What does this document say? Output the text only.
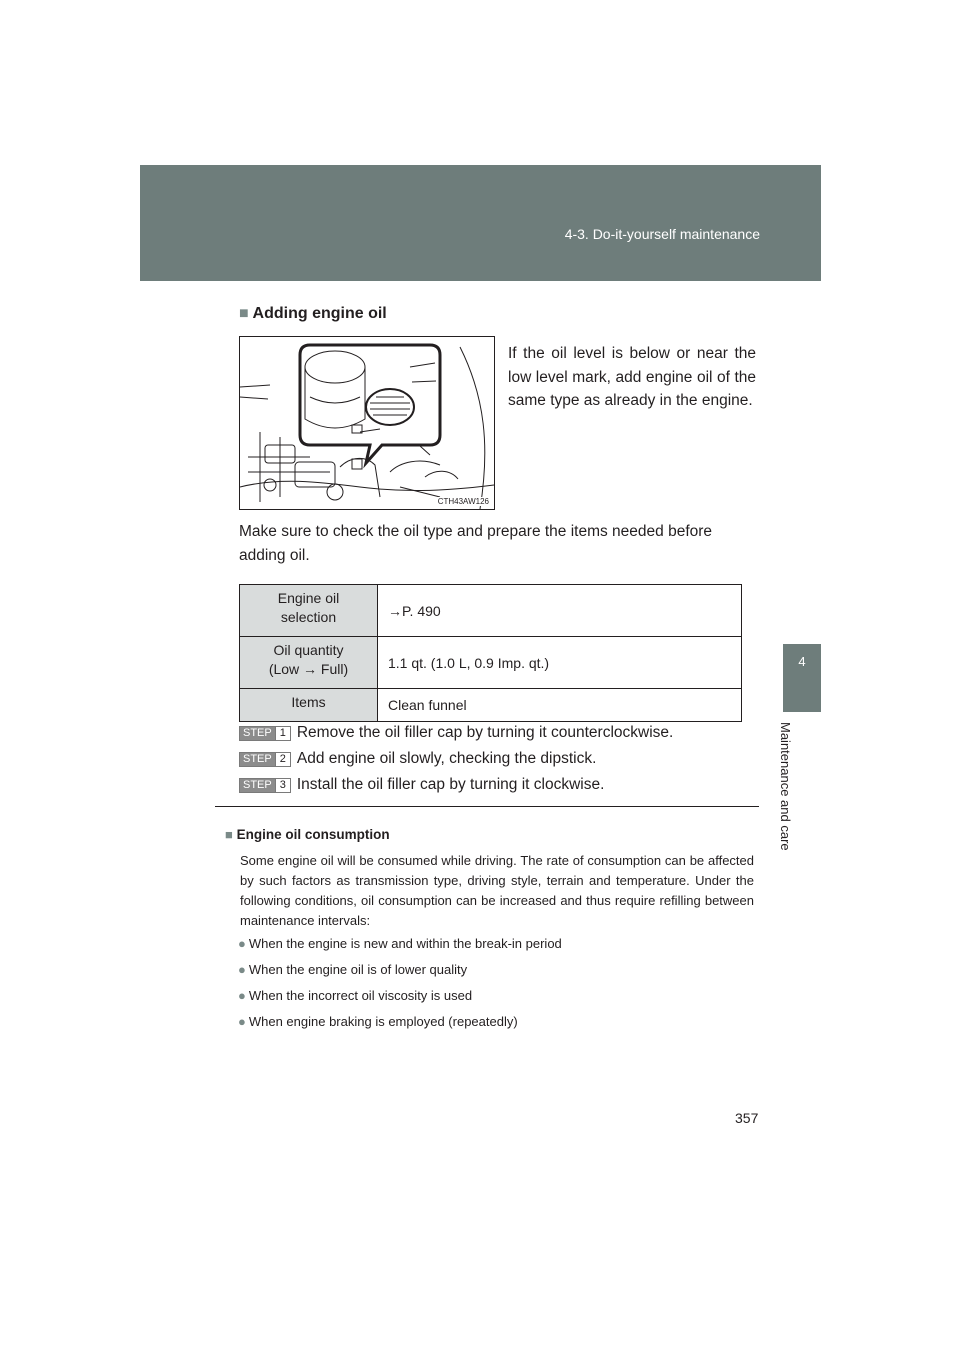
4-3. Do-it-yourself maintenance
4
Maintenance and care
■ Adding engine oil
CTH43AW126
If the oil level is below or near the low level mark, add engine oil of the same type as already in the engine.
Make sure to check the oil type and prepare the items needed before adding oil.
Engine oil
selection	→P. 490

Oil quantity
(Low → Full)	1.1 qt. (1.0 L, 0.9 Imp. qt.)

Items	Clean funnel
STEP 1 Remove the oil filler cap by turning it counterclockwise.
STEP 2 Add engine oil slowly, checking the dipstick.
STEP 3 Install the oil filler cap by turning it clockwise.
■ Engine oil consumption
Some engine oil will be consumed while driving. The rate of consumption can be affected by such factors as transmission type, driving style, terrain and temperature. Under the following conditions, oil consumption can be increased and thus require refilling between maintenance intervals:
● When the engine is new and within the break-in period
● When the engine oil is of lower quality
● When the incorrect oil viscosity is used
● When engine braking is employed (repeatedly)
357
